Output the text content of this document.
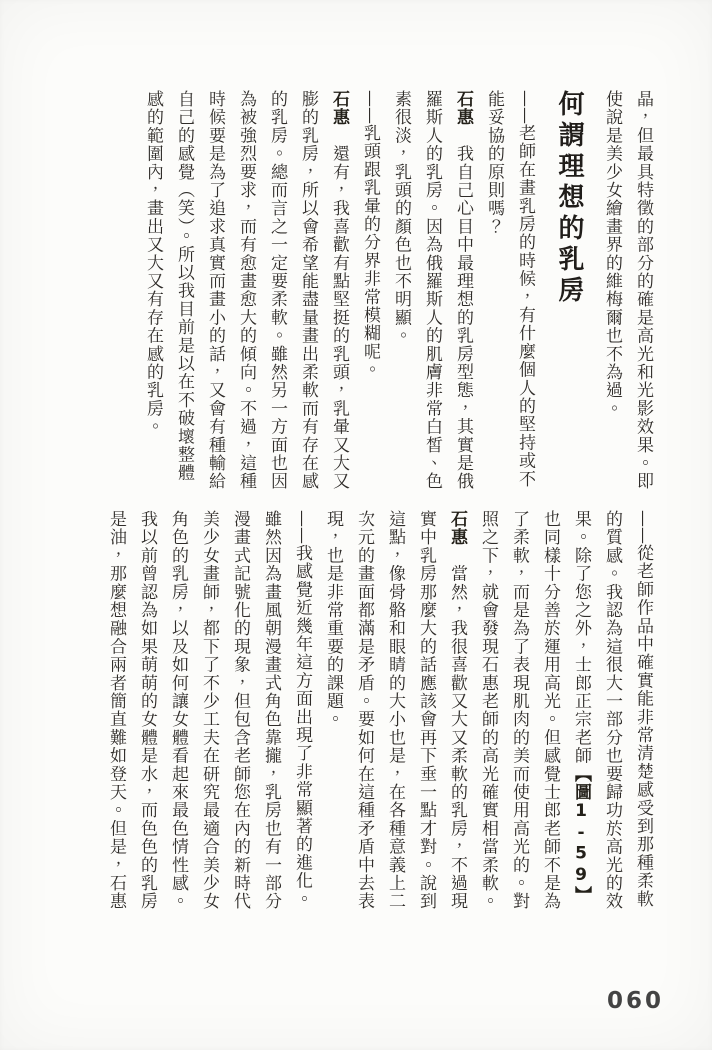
晶，但最具特徵的部分的確是高光和光影效果。即使說是美少女繪畫界的維梅爾也不為過。

何謂理想的乳房

——老師在畫乳房的時候，有什麼個人的堅持或不能妥協的原則嗎？

石惠　我自己心目中最理想的乳房型態，其實是俄羅斯人的乳房。因為俄羅斯人的肌膚非常白皙、色素很淡，乳頭的顏色也不明顯。

——乳頭跟乳暈的分界非常模糊呢。

石惠　還有，我喜歡有點堅挺的乳頭，乳暈又大又膨的乳房，所以會希望能盡量畫出柔軟而有存在感的乳房。總而言之一定要柔軟。雖然另一方面也因為被強烈要求，而有愈畫愈大的傾向。不過，這種時候要是為了追求真實而畫小的話，又會有種輸給自己的感覺（笑）。所以我目前是以在不破壞整體感的範圍內，畫出又大又有存在感的乳房。

——從老師作品中確實能非常清楚感受到那種柔軟的質感。我認為這很大一部分也要歸功於高光的效果。除了您之外，士郎正宗老師【圖1-59】也同樣十分善於運用高光。但感覺士郎老師不是為了柔軟，而是為了表現肌肉的美而使用高光的。對照之下，就會發現石惠老師的高光確實相當柔軟。

石惠　當然，我很喜歡又大又柔軟的乳房，不過現實中乳房那麼大的話應該會再下垂一點才對。說到這點，像骨骼和眼睛的大小也是，在各種意義上二次元的畫面都滿是矛盾。要如何在這種矛盾中去表現，也是非常重要的課題。

——我感覺近幾年這方面出現了非常顯著的進化。雖然因為畫風朝漫畫式角色靠攏，乳房也有一部分漫畫式記號化的現象，但包含老師您在內的新時代美少女畫師，都下了不少工夫在研究最適合美少女角色的乳房，以及如何讓女體看起來最色情性感。我以前曾認為如果萌萌的女體是水，而色色的乳房是油，那麼想融合兩者簡直難如登天。但是，石惠

060
